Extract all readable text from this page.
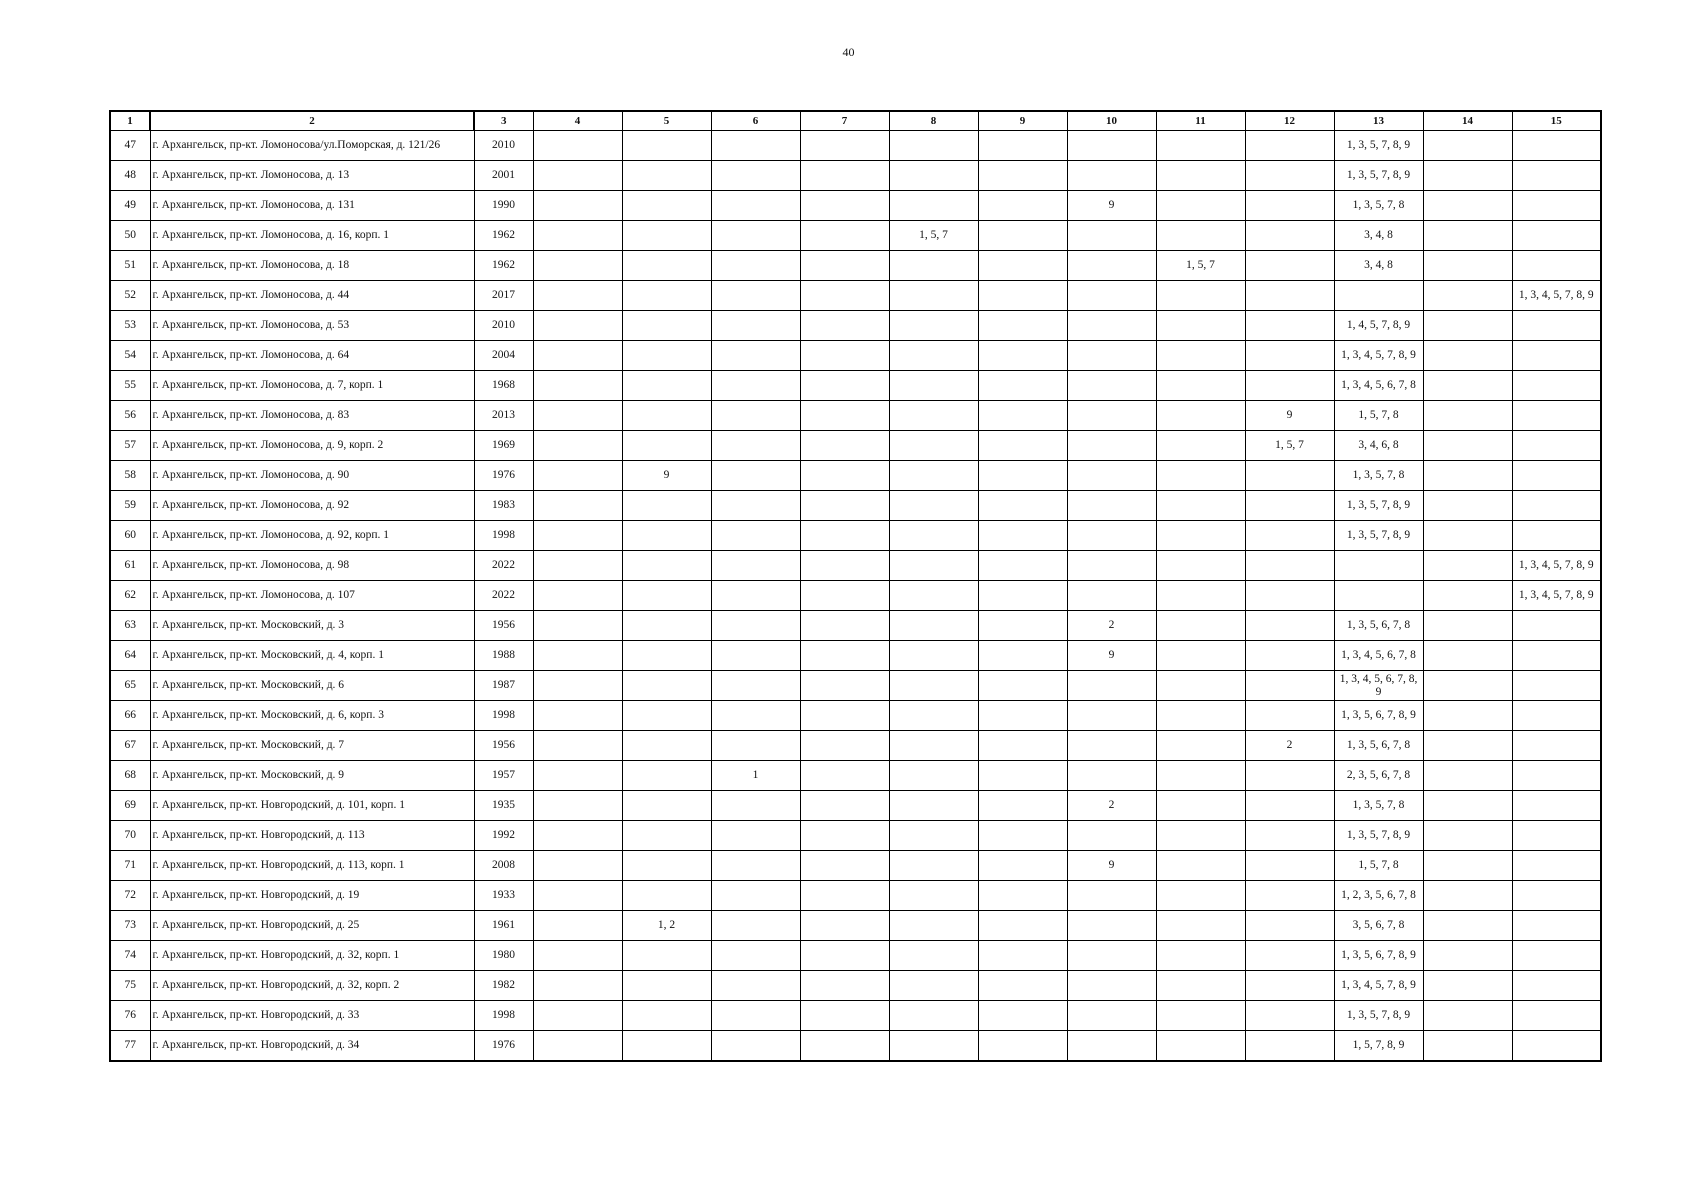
40
1	2	3	4	5	6	7	8	9	10	11	12	13	14	15
47	г. Архангельск, пр-кт. Ломоносова/ул.Поморская, д. 121/26	2010										1, 3, 5, 7, 8, 9		
48	г. Архангельск, пр-кт. Ломоносова, д. 13	2001										1, 3, 5, 7, 8, 9		
49	г. Архангельск, пр-кт. Ломоносова, д. 131	1990							9			1, 3, 5, 7, 8		
50	г. Архангельск, пр-кт. Ломоносова, д. 16, корп. 1	1962					1, 5, 7					3, 4, 8		
51	г. Архангельск, пр-кт. Ломоносова, д. 18	1962								1, 5, 7		3, 4, 8		
52	г. Архангельск, пр-кт. Ломоносова, д. 44	2017												1, 3, 4, 5, 7, 8, 9
53	г. Архангельск, пр-кт. Ломоносова, д. 53	2010										1, 4, 5, 7, 8, 9		
54	г. Архангельск, пр-кт. Ломоносова, д. 64	2004										1, 3, 4, 5, 7, 8, 9		
55	г. Архангельск, пр-кт. Ломоносова, д. 7, корп. 1	1968										1, 3, 4, 5, 6, 7, 8		
56	г. Архангельск, пр-кт. Ломоносова, д. 83	2013									9	1, 5, 7, 8		
57	г. Архангельск, пр-кт. Ломоносова, д. 9, корп. 2	1969									1, 5, 7	3, 4, 6, 8		
58	г. Архангельск, пр-кт. Ломоносова, д. 90	1976		9								1, 3, 5, 7, 8		
59	г. Архангельск, пр-кт. Ломоносова, д. 92	1983										1, 3, 5, 7, 8, 9		
60	г. Архангельск, пр-кт. Ломоносова, д. 92, корп. 1	1998										1, 3, 5, 7, 8, 9		
61	г. Архангельск, пр-кт. Ломоносова, д. 98	2022												1, 3, 4, 5, 7, 8, 9
62	г. Архангельск, пр-кт. Ломоносова, д. 107	2022												1, 3, 4, 5, 7, 8, 9
63	г. Архангельск, пр-кт. Московский, д. 3	1956							2			1, 3, 5, 6, 7, 8		
64	г. Архангельск, пр-кт. Московский, д. 4, корп. 1	1988							9			1, 3, 4, 5, 6, 7, 8		
65	г. Архангельск, пр-кт. Московский, д. 6	1987										1, 3, 4, 5, 6, 7, 8, 9		
66	г. Архангельск, пр-кт. Московский, д. 6, корп. 3	1998										1, 3, 5, 6, 7, 8, 9		
67	г. Архангельск, пр-кт. Московский, д. 7	1956									2	1, 3, 5, 6, 7, 8		
68	г. Архангельск, пр-кт. Московский, д. 9	1957			1							2, 3, 5, 6, 7, 8		
69	г. Архангельск, пр-кт. Новгородский, д. 101, корп. 1	1935							2			1, 3, 5, 7, 8		
70	г. Архангельск, пр-кт. Новгородский, д. 113	1992										1, 3, 5, 7, 8, 9		
71	г. Архангельск, пр-кт. Новгородский, д. 113, корп. 1	2008							9			1, 5, 7, 8		
72	г. Архангельск, пр-кт. Новгородский, д. 19	1933										1, 2, 3, 5, 6, 7, 8		
73	г. Архангельск, пр-кт. Новгородский, д. 25	1961		1, 2								3, 5, 6, 7, 8		
74	г. Архангельск, пр-кт. Новгородский, д. 32, корп. 1	1980										1, 3, 5, 6, 7, 8, 9		
75	г. Архангельск, пр-кт. Новгородский, д. 32, корп. 2	1982										1, 3, 4, 5, 7, 8, 9		
76	г. Архангельск, пр-кт. Новгородский, д. 33	1998										1, 3, 5, 7, 8, 9		
77	г. Архангельск, пр-кт. Новгородский, д. 34	1976										1, 5, 7, 8, 9		
